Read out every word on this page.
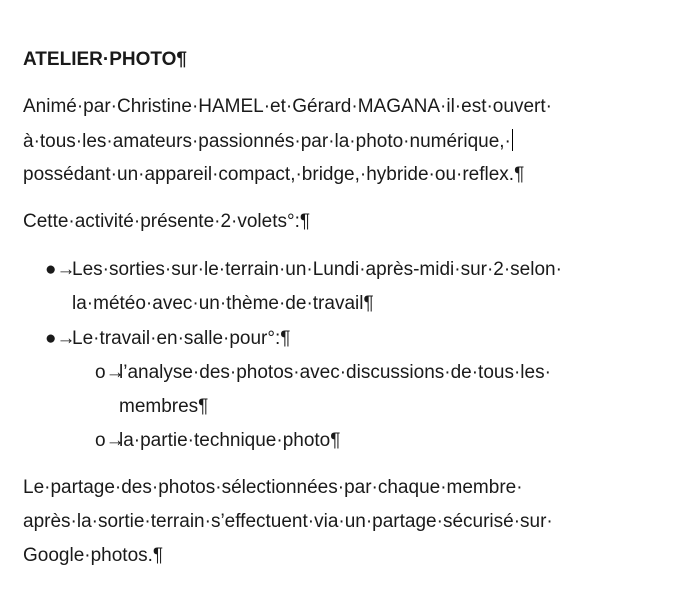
ATELIER·PHOTO¶
Animé·par·Christine·HAMEL·et·Gérard·MAGANA·il·est·ouvert·
à·tous·les·amateurs·passionnés·par·la·photo·numérique,·
possédant·un·appareil·compact,·bridge,·hybride·ou·reflex.¶
Cette·activité·présente·2·volets°:¶
●→
Les·sorties·sur·le·terrain·un·Lundi·après-midi·sur·2·selon·
la·météo·avec·un·thème·de·travail¶
●→
Le·travail·en·salle·pour°:¶
o→
l’analyse·des·photos·avec·discussions·de·tous·les·
membres¶
o→
la·partie·technique·photo¶
Le·partage·des·photos·sélectionnées·par·chaque·membre·
après·la·sortie·terrain·s’effectuent·via·un·partage·sécurisé·sur·
Google·photos.¶
